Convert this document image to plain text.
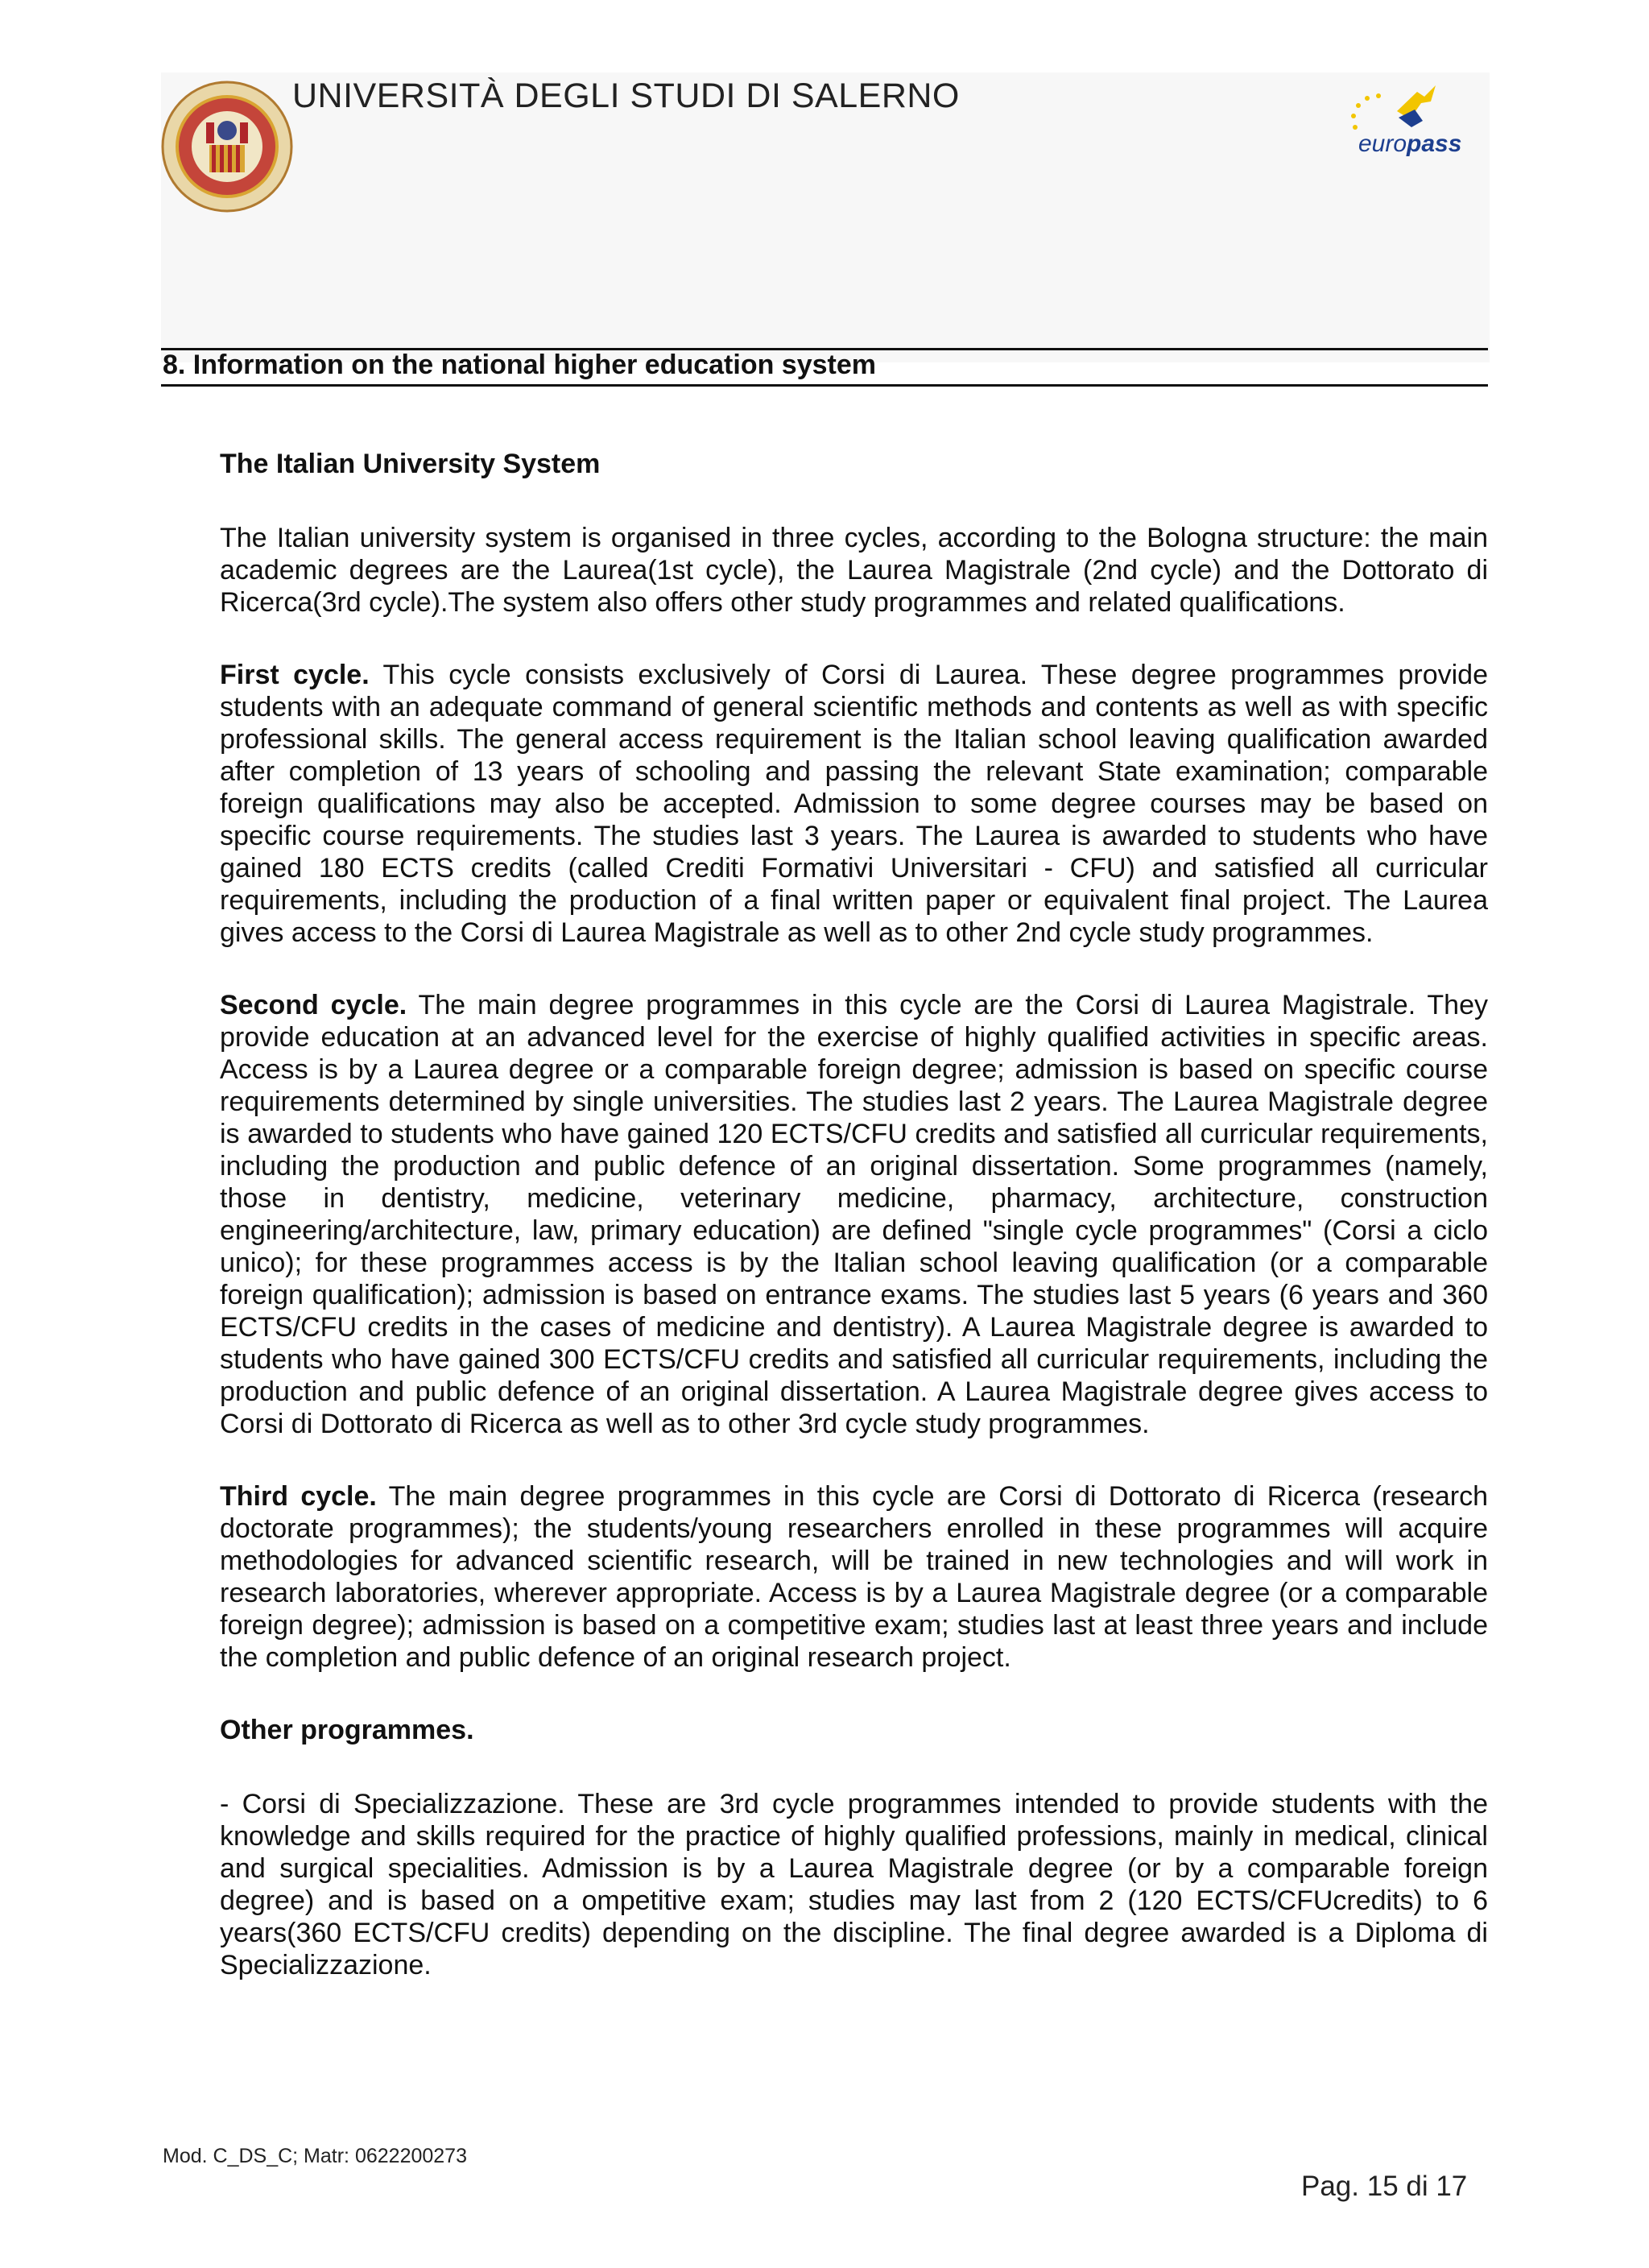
UNIVERSITÀ DEGLI STUDI DI SALERNO
europass
8. Information on the national higher education system

The Italian University System

The Italian university system is organised in three cycles, according to the Bologna structure: the main academic degrees are the Laurea(1st cycle), the Laurea Magistrale (2nd cycle) and the Dottorato di Ricerca(3rd cycle).The system also offers other study programmes and related qualifications.

First cycle. This cycle consists exclusively of Corsi di Laurea. These degree programmes provide students with an adequate command of general scientific methods and contents as well as with specific professional skills. The general access requirement is the Italian school leaving qualification awarded after completion of 13 years of schooling and passing the relevant State examination; comparable foreign qualifications may also be accepted. Admission to some degree courses may be based on specific course requirements. The studies last 3 years. The Laurea is awarded to students who have gained 180 ECTS credits (called Crediti Formativi Universitari - CFU) and satisfied all curricular requirements, including the production of a final written paper or equivalent final project. The Laurea gives access to the Corsi di Laurea Magistrale as well as to other 2nd cycle study programmes.

Second cycle. The main degree programmes in this cycle are the Corsi di Laurea Magistrale. They provide education at an advanced level for the exercise of highly qualified activities in specific areas. Access is by a Laurea degree or a comparable foreign degree; admission is based on specific course requirements determined by single universities. The studies last 2 years. The Laurea Magistrale degree is awarded to students who have gained 120 ECTS/CFU credits and satisfied all curricular requirements, including the production and public defence of an original dissertation. Some programmes (namely, those in dentistry, medicine, veterinary medicine, pharmacy, architecture, construction engineering/architecture, law, primary education) are defined "single cycle programmes" (Corsi a ciclo unico); for these programmes access is by the Italian school leaving qualification (or a comparable foreign qualification); admission is based on entrance exams. The studies last 5 years (6 years and 360 ECTS/CFU credits in the cases of medicine and dentistry). A Laurea Magistrale degree is awarded to students who have gained 300 ECTS/CFU credits and satisfied all curricular requirements, including the production and public defence of an original dissertation. A Laurea Magistrale degree gives access to Corsi di Dottorato di Ricerca as well as to other 3rd cycle study programmes.

Third cycle. The main degree programmes in this cycle are Corsi di Dottorato di Ricerca (research doctorate programmes); the students/young researchers enrolled in these programmes will acquire methodologies for advanced scientific research, will be trained in new technologies and will work in research laboratories, wherever appropriate. Access is by a Laurea Magistrale degree (or a comparable foreign degree); admission is based on a competitive exam; studies last at least three years and include the completion and public defence of an original research project.

Other programmes.

- Corsi di Specializzazione. These are 3rd cycle programmes intended to provide students with the knowledge and skills required for the practice of highly qualified professions, mainly in medical, clinical and surgical specialities. Admission is by a Laurea Magistrale degree (or by a comparable foreign degree) and is based on a ompetitive exam; studies may last from 2 (120 ECTS/CFUcredits) to 6 years(360 ECTS/CFU credits) depending on the discipline. The final degree awarded is a Diploma di Specializzazione.

Mod. C_DS_C; Matr: 0622200273
Pag. 15 di 17
